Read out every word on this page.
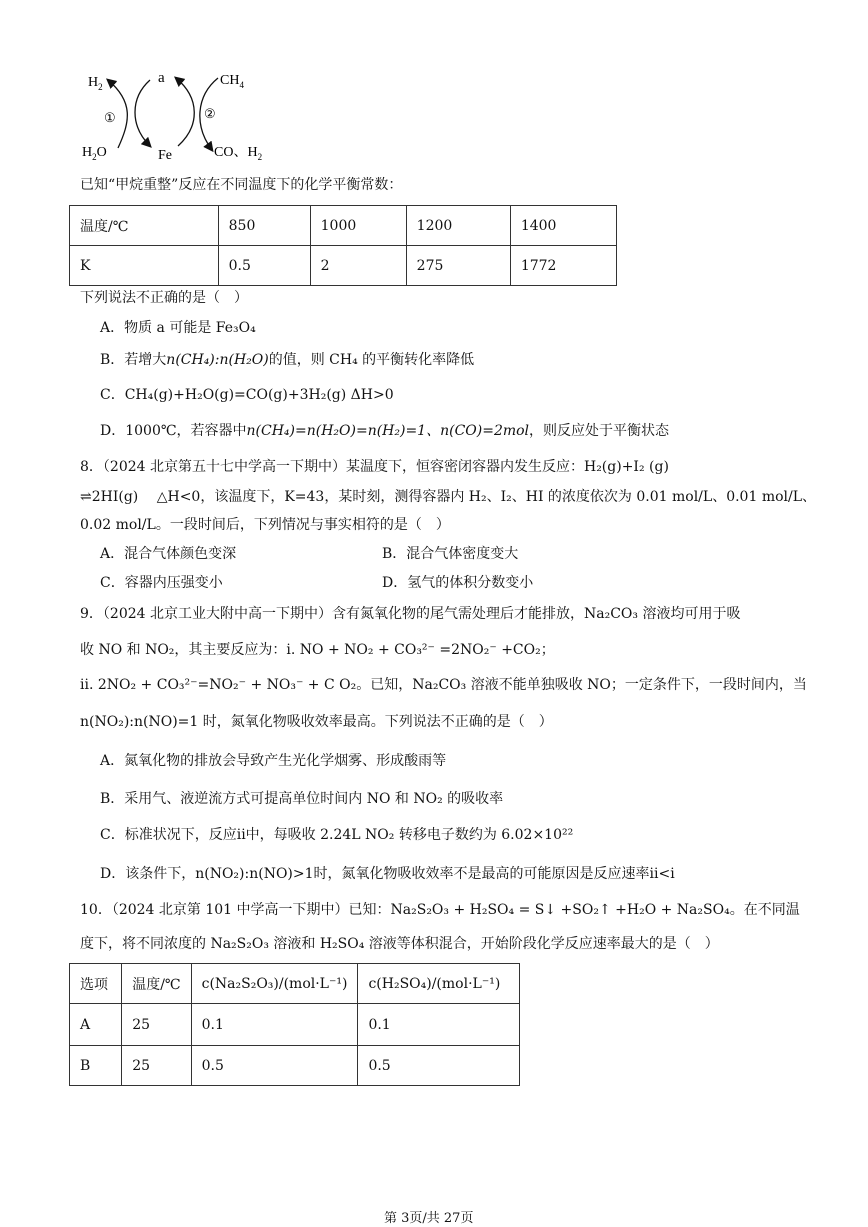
$H_2$
a	$CH_4$
①	②
$H_2O$	Fe	CO、$H_2$
已知“甲烷重整”反应在不同温度下的化学平衡常数：
温度/℃	850	1000	1200	1400
K	0.5	2	275	1772
下列说法不正确的是（　）
A．物质 a 可能是 Fe₃O₄
B．若增大n(CH₄):n(H₂O)的值，则 CH₄ 的平衡转化率降低
C．CH₄(g)+H₂O(g)=CO(g)+3H₂(g) ΔH>0
D．1000℃，若容器中n(CH₄)=n(H₂O)=n(H₂)=1、n(CO)=2mol，则反应处于平衡状态
8．（2024 北京第五十七中学高一下期中）某温度下，恒容密闭容器内发生反应：H₂(g)+I₂ (g)
⇌2HI(g)　 △H<0，该温度下，K=43，某时刻，测得容器内 H₂、I₂、HI 的浓度依次为 0.01 mol/L、0.01 mol/L、
0.02 mol/L。一段时间后，下列情况与事实相符的是（　）
A．混合气体颜色变深	B．混合气体密度变大
C．容器内压强变小	D．氢气的体积分数变小
9．（2024 北京工业大附中高一下期中）含有氮氧化物的尾气需处理后才能排放，Na₂CO₃ 溶液均可用于吸
收 NO 和 NO₂，其主要反应为：i. NO + NO₂ + CO₃²⁻ =2NO₂⁻ +CO₂；
ii. 2NO₂ + CO₃²⁻=NO₂⁻ + NO₃⁻ + C O₂。已知，Na₂CO₃ 溶液不能单独吸收 NO；一定条件下，一段时间内，当
n(NO₂):n(NO)=1 时，氮氧化物吸收效率最高。下列说法不正确的是（　）
A．氮氧化物的排放会导致产生光化学烟雾、形成酸雨等
B．采用气、液逆流方式可提高单位时间内 NO 和 NO₂ 的吸收率
C．标准状况下，反应ii中，每吸收 2.24L NO₂ 转移电子数约为 6.02×10²²
D．该条件下，n(NO₂):n(NO)>1时，氮氧化物吸收效率不是最高的可能原因是反应速率ii<i
10．（2024 北京第 101 中学高一下期中）已知：Na₂S₂O₃ + H₂SO₄ = S↓ +SO₂↑ +H₂O + Na₂SO₄。在不同温
度下，将不同浓度的 Na₂S₂O₃ 溶液和 H₂SO₄ 溶液等体积混合，开始阶段化学反应速率最大的是（　）
选项	温度/℃	c(Na₂S₂O₃)/(mol·L⁻¹)	c(H₂SO₄)/(mol·L⁻¹)
A	25	0.1	0.1
B	25	0.5	0.5
第 3页/共 27页
